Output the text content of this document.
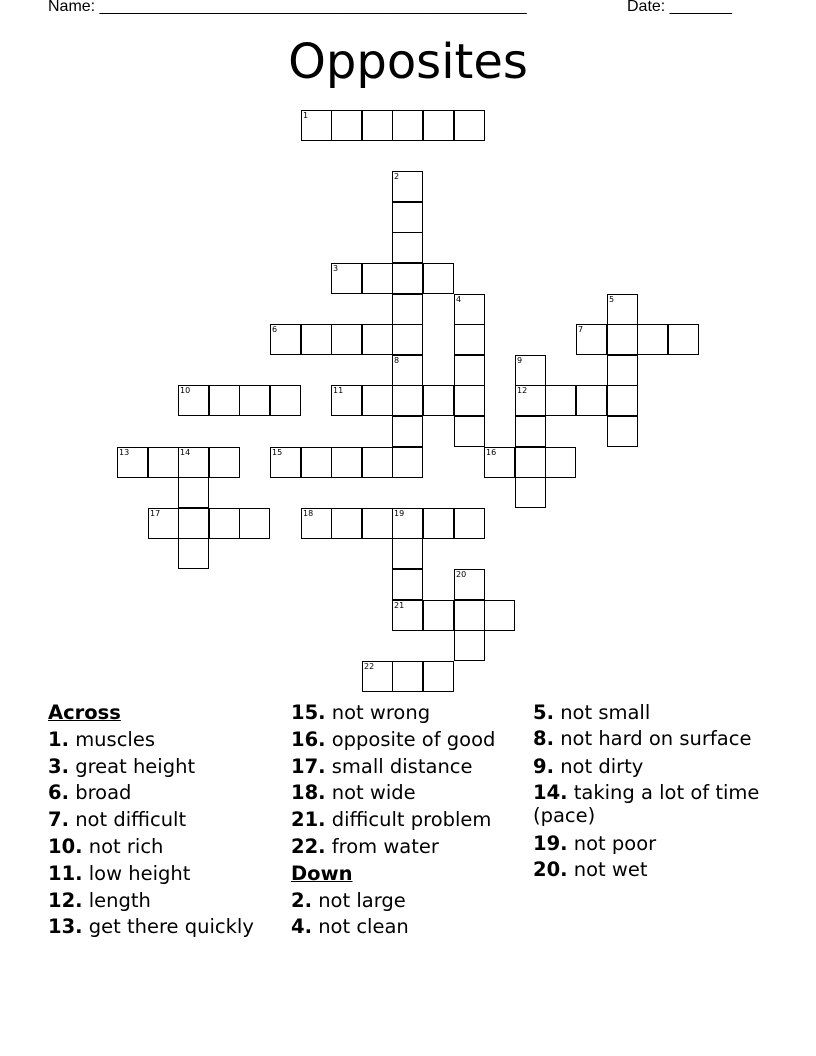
Name: ________________________________________________	Date: _______
Opposites
1
2
3
4	5
6	7
8	9
12
10	11
13	14	15	16
17	18	19
21
20
22
Across
1. muscles
3. great height
6. broad
7. not difficult
10. not rich
11. low height
12. length
13. get there quickly
15. not wrong
16. opposite of good
17. small distance
18. not wide
21. difficult problem
22. from water
Down
2. not large
4. not clean
5. not small
8. not hard on surface
9. not dirty
14. taking a lot of time (pace)
19. not poor
20. not wet
